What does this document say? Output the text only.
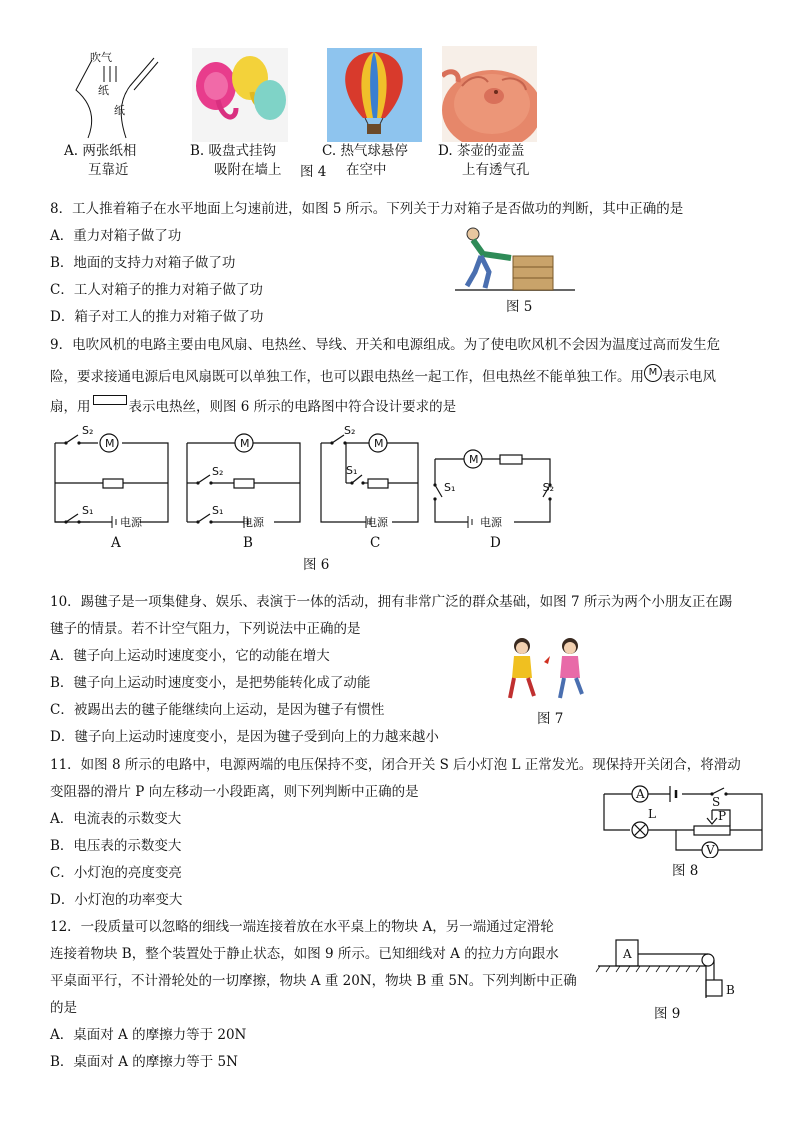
吹气
纸
纸
A. 两张纸相
互靠近
B. 吸盘式挂钩
吸附在墙上 图 4
C. 热气球悬停
在空中
D. 茶壶的壶盖
上有透气孔
8．工人推着箱子在水平地面上匀速前进，如图 5 所示。下列关于力对箱子是否做功的判断，其中正确的是
A．重力对箱子做了功
B．地面的支持力对箱子做了功
C．工人对箱子的推力对箱子做了功
D．箱子对工人的推力对箱子做了功
图 5
9．电吹风机的电路主要由电风扇、电热丝、导线、开关和电源组成。为了使电吹风机不会因为温度过高而发生危
险，要求接通电源后电风扇既可以单独工作，也可以跟电热丝一起工作，但电热丝不能单独工作。用 M 表示电风
扇，用	表示电热丝，则图 6 所示的电路图中符合设计要求的是
S₂
S₁
M
电源
A
S₂
S₁
M
电源
B
S₂
S₁
M
电源
C
S₁	S₂
M
电源
D
图 6
10．踢毽子是一项集健身、娱乐、表演于一体的活动，拥有非常广泛的群众基础，如图 7 所示为两个小朋友正在踢
毽子的情景。若不计空气阻力，下列说法中正确的是
A．毽子向上运动时速度变小，它的动能在增大
B．毽子向上运动时速度变小，是把势能转化成了动能
C．被踢出去的毽子能继续向上运动，是因为毽子有惯性
D．毽子向上运动时速度变小，是因为毽子受到向上的力越来越小
图 7
11．如图 8 所示的电路中，电源两端的电压保持不变，闭合开关 S 后小灯泡 L 正常发光。现保持开关闭合，将滑动
变阻器的滑片 P 向左移动一小段距离，则下列判断中正确的是
A．电流表的示数变大
B．电压表的示数变大
C．小灯泡的亮度变亮
D．小灯泡的功率变大
A
V
S
L	P
图 8
12．一段质量可以忽略的细线一端连接着放在水平桌上的物块 A，另一端通过定滑轮
连接着物块 B，整个装置处于静止状态，如图 9 所示。已知细线对 A 的拉力方向跟水
平桌面平行，不计滑轮处的一切摩擦，物块 A 重 20N，物块 B 重 5N。下列判断中正确
的是
A．桌面对 A 的摩擦力等于 20N
B．桌面对 A 的摩擦力等于 5N
A
B
图 9
